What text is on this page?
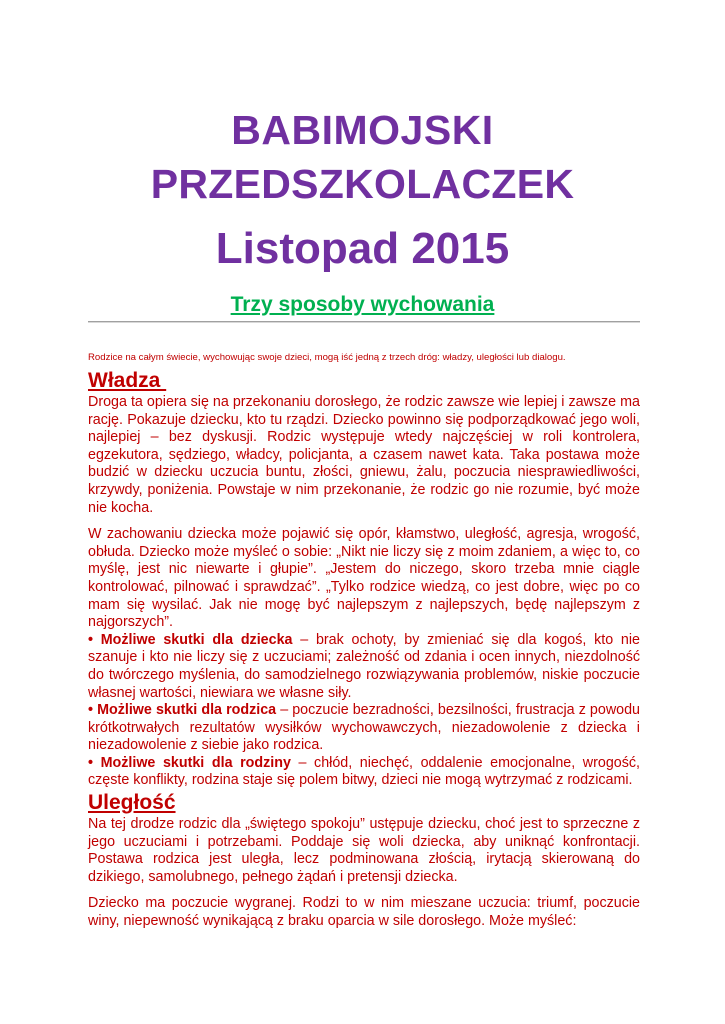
BABIMOJSKI
PRZEDSZKOLACZEK
Listopad 2015
Trzy sposoby wychowania

Rodzice na całym świecie, wychowując swoje dzieci, mogą iść jedną z trzech dróg: władzy, uległości lub dialogu.

Władza

Droga ta opiera się na przekonaniu dorosłego, że rodzic zawsze wie lepiej i zawsze ma rację. Pokazuje dziecku, kto tu rządzi. Dziecko powinno się podporządkować jego woli, najlepiej – bez dyskusji. Rodzic występuje wtedy najczęściej w roli kontrolera, egzekutora, sędziego, władcy, policjanta, a czasem nawet kata. Taka postawa może budzić w dziecku uczucia buntu, złości, gniewu, żalu, poczucia niesprawiedliwości, krzywdy, poniżenia. Powstaje w nim przekonanie, że rodzic go nie rozumie, być może nie kocha.

W zachowaniu dziecka może pojawić się opór, kłamstwo, uległość, agresja, wrogość, obłuda. Dziecko może myśleć o sobie: „Nikt nie liczy się z moim zdaniem, a więc to, co myślę, jest nic niewarte i głupie”. „Jestem do niczego, skoro trzeba mnie ciągle kontrolować, pilnować i sprawdzać”. „Tylko rodzice wiedzą, co jest dobre, więc po co mam się wysilać. Jak nie mogę być najlepszym z najlepszych, będę najlepszym z najgorszych”.

• Możliwe skutki dla dziecka – brak ochoty, by zmieniać się dla kogoś, kto nie szanuje i kto nie liczy się z uczuciami; zależność od zdania i ocen innych, niezdolność do twórczego myślenia, do samodzielnego rozwiązywania problemów, niskie poczucie własnej wartości, niewiara we własne siły.

• Możliwe skutki dla rodzica – poczucie bezradności, bezsilności, frustracja z powodu krótkotrwałych rezultatów wysiłków wychowawczych, niezadowolenie z dziecka i niezadowolenie z siebie jako rodzica.

• Możliwe skutki dla rodziny – chłód, niechęć, oddalenie emocjonalne, wrogość, częste konflikty, rodzina staje się polem bitwy, dzieci nie mogą wytrzymać z rodzicami.

Uległość

Na tej drodze rodzic dla „świętego spokoju” ustępuje dziecku, choć jest to sprzeczne z jego uczuciami i potrzebami. Poddaje się woli dziecka, aby uniknąć konfrontacji. Postawa rodzica jest uległa, lecz podminowana złością, irytacją skierowaną do dzikiego, samolubnego, pełnego żądań i pretensji dziecka.

Dziecko ma poczucie wygranej. Rodzi to w nim mieszane uczucia: triumf, poczucie winy, niepewność wynikającą z braku oparcia w sile dorosłego. Może myśleć:
